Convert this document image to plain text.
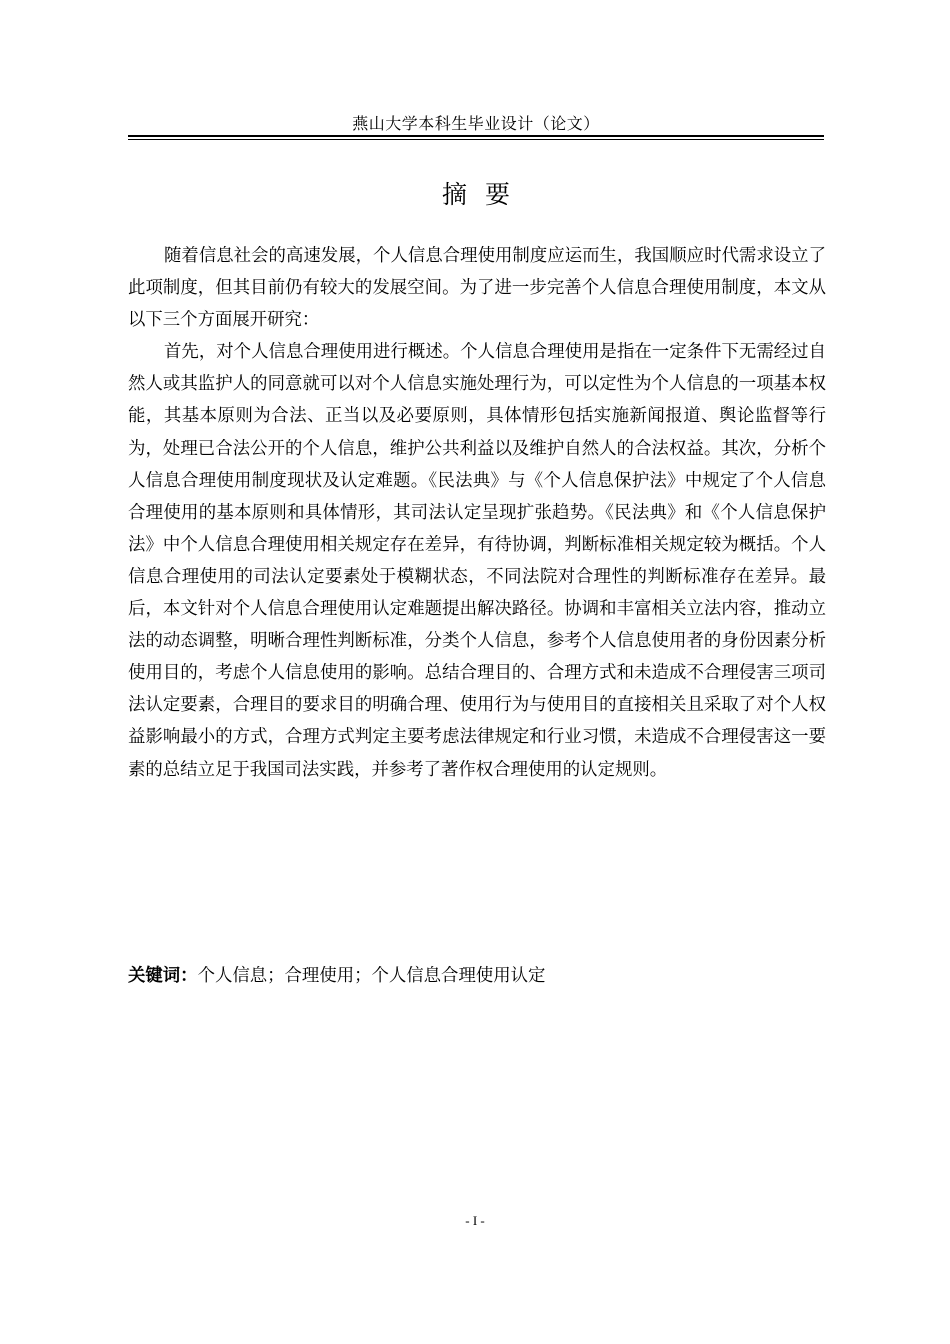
燕山大学本科生毕业设计（论文）
摘要

随着信息社会的高速发展，个人信息合理使用制度应运而生，我国顺应时代需求设立了此项制度，但其目前仍有较大的发展空间。为了进一步完善个人信息合理使用制度，本文从以下三个方面展开研究：

首先，对个人信息合理使用进行概述。个人信息合理使用是指在一定条件下无需经过自然人或其监护人的同意就可以对个人信息实施处理行为，可以定性为个人信息的一项基本权能，其基本原则为合法、正当以及必要原则，具体情形包括实施新闻报道、舆论监督等行为，处理已合法公开的个人信息，维护公共利益以及维护自然人的合法权益。其次，分析个人信息合理使用制度现状及认定难题。《民法典》与《个人信息保护法》中规定了个人信息合理使用的基本原则和具体情形，其司法认定呈现扩张趋势。《民法典》和《个人信息保护法》中个人信息合理使用相关规定存在差异，有待协调，判断标准相关规定较为概括。个人信息合理使用的司法认定要素处于模糊状态，不同法院对合理性的判断标准存在差异。最后，本文针对个人信息合理使用认定难题提出解决路径。协调和丰富相关立法内容，推动立法的动态调整，明晰合理性判断标准，分类个人信息，参考个人信息使用者的身份因素分析使用目的，考虑个人信息使用的影响。总结合理目的、合理方式和未造成不合理侵害三项司法认定要素，合理目的要求目的明确合理、使用行为与使用目的直接相关且采取了对个人权益影响最小的方式，合理方式判定主要考虑法律规定和行业习惯，未造成不合理侵害这一要素的总结立足于我国司法实践，并参考了著作权合理使用的认定规则。

关键词：个人信息；合理使用；个人信息合理使用认定
- I -
